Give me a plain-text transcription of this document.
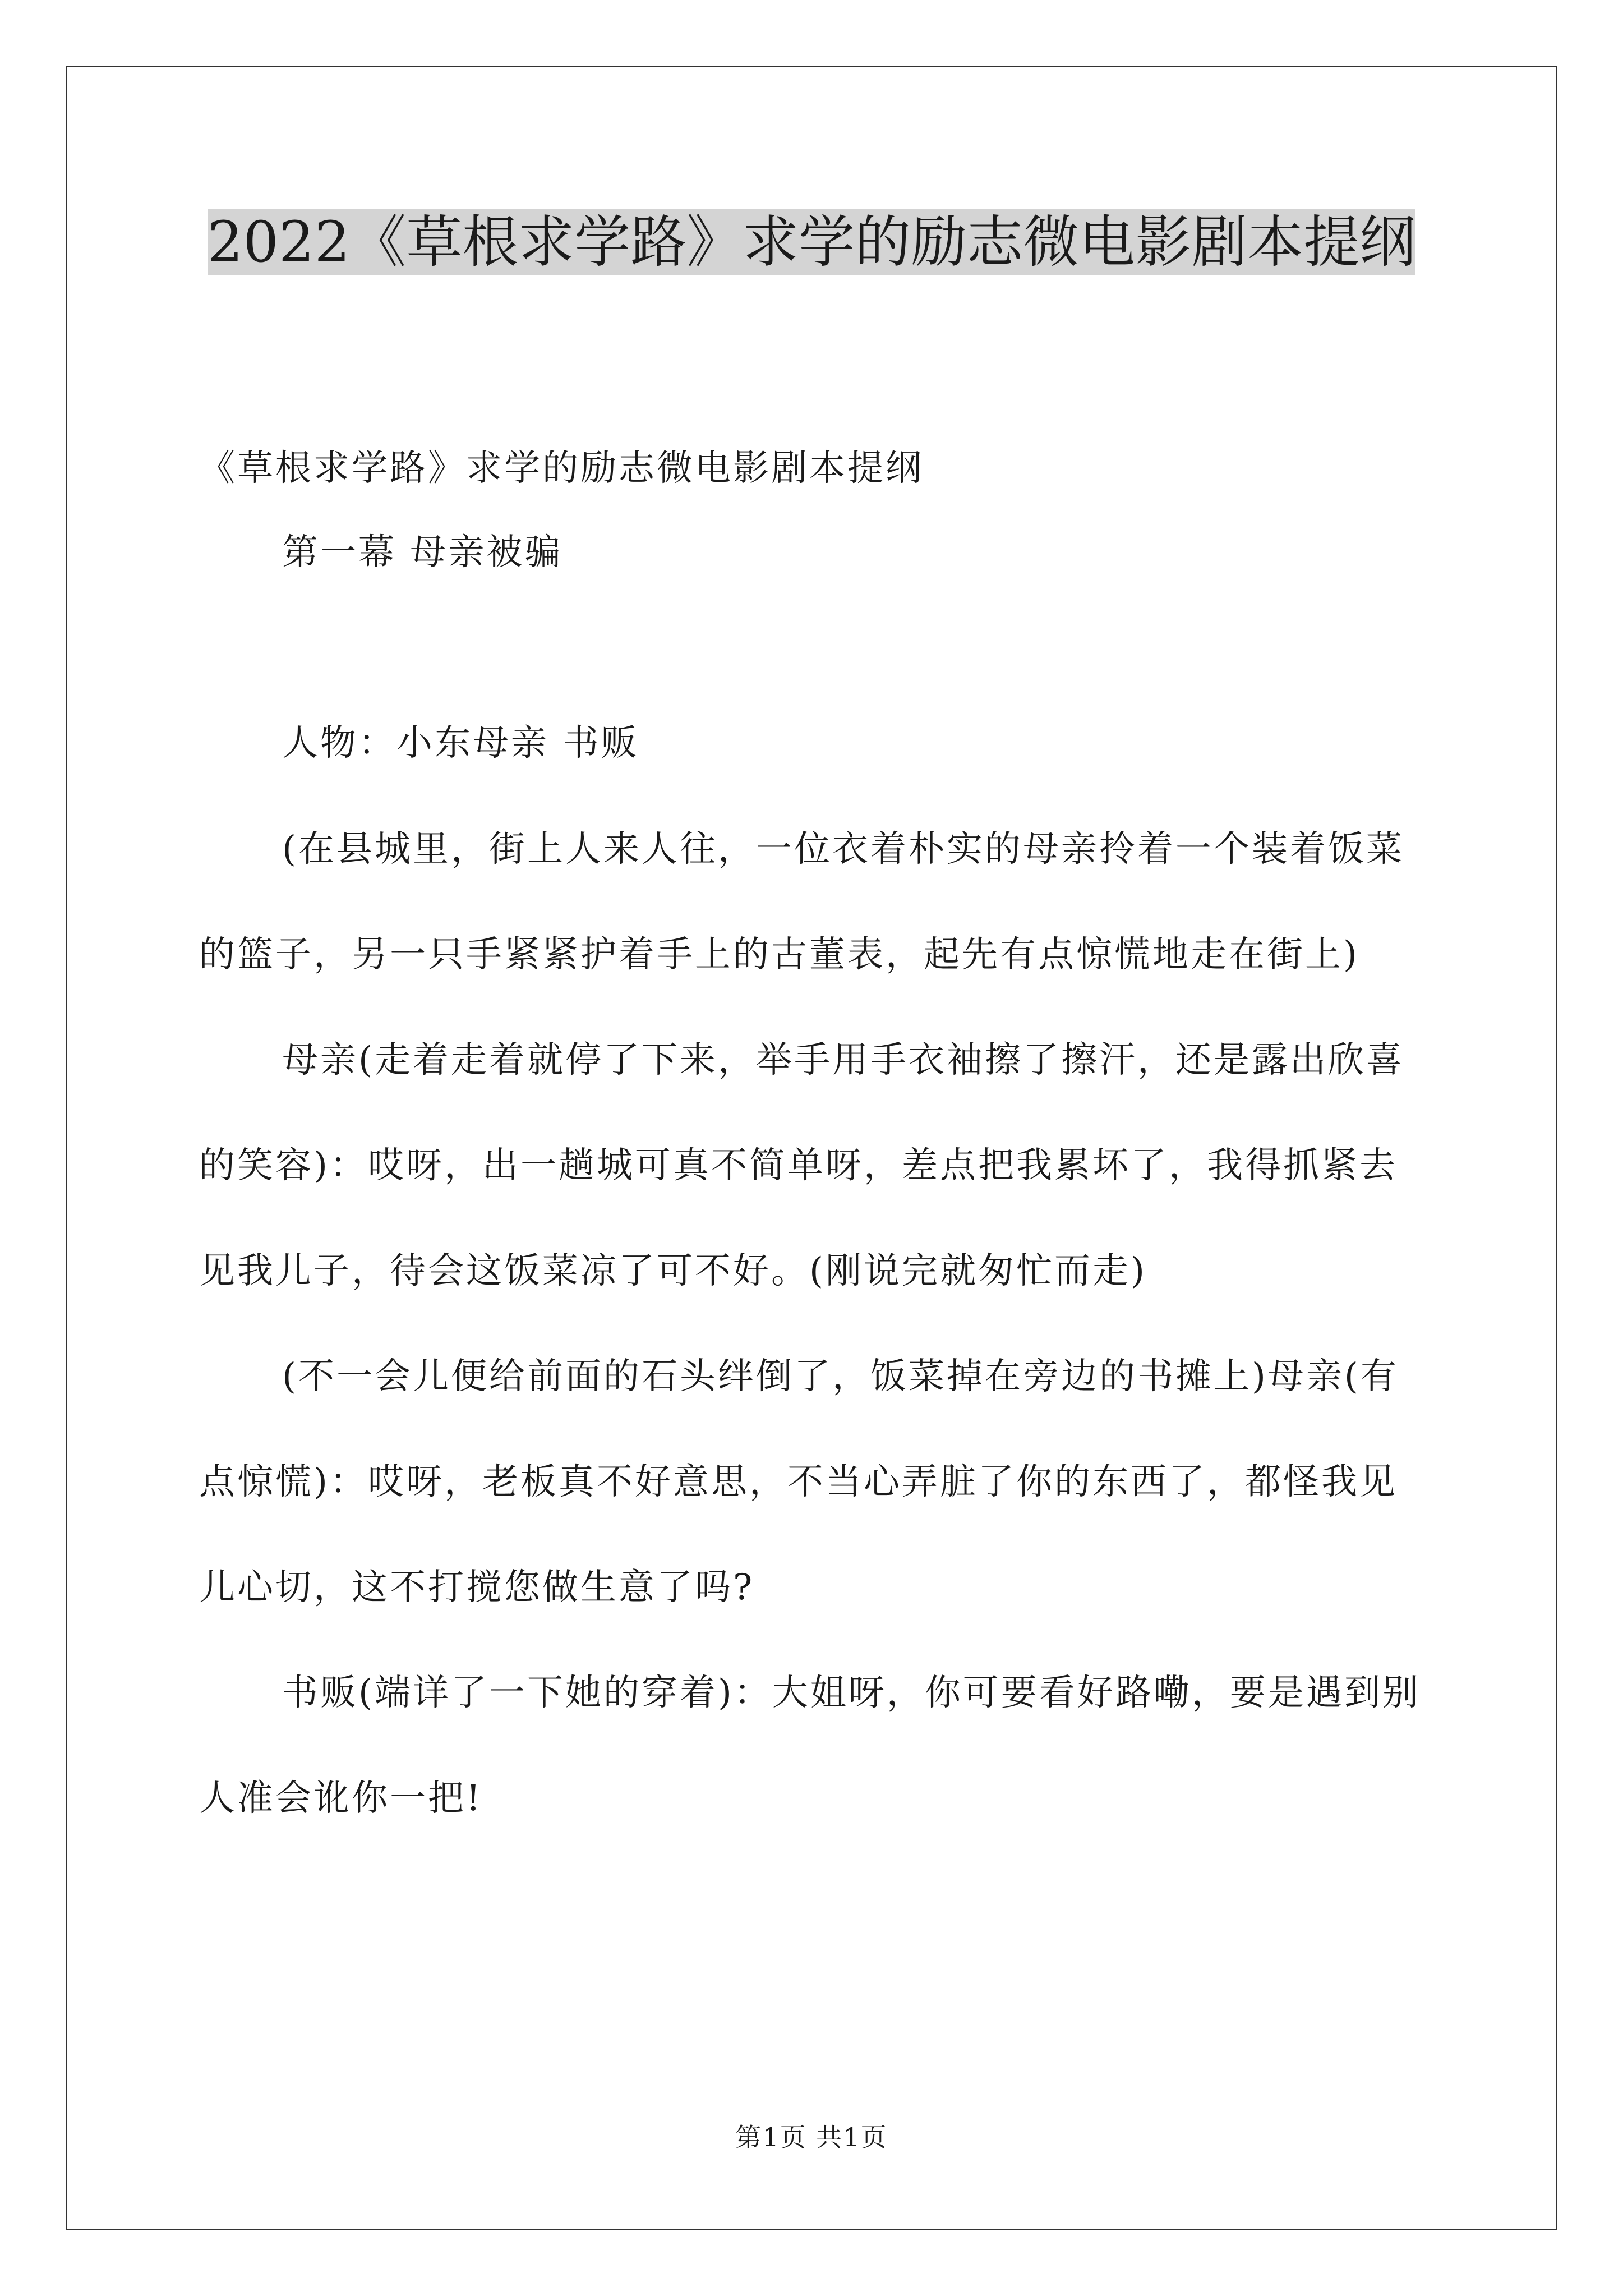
2022《草根求学路》求学的励志微电影剧本提纲

《草根求学路》求学的励志微电影剧本提纲

第一幕 母亲被骗

人物：小东母亲 书贩

(在县城里，街上人来人往，一位衣着朴实的母亲拎着一个装着饭菜的篮子，另一只手紧紧护着手上的古董表，起先有点惊慌地走在街上)

母亲(走着走着就停了下来，举手用手衣袖擦了擦汗，还是露出欣喜的笑容)：哎呀，出一趟城可真不简单呀，差点把我累坏了，我得抓紧去见我儿子，待会这饭菜凉了可不好。(刚说完就匆忙而走)

(不一会儿便给前面的石头绊倒了，饭菜掉在旁边的书摊上)母亲(有点惊慌)：哎呀，老板真不好意思，不当心弄脏了你的东西了，都怪我见儿心切，这不打搅您做生意了吗?

书贩(端详了一下她的穿着)：大姐呀，你可要看好路嘞，要是遇到别人准会讹你一把!

第1页 共1页
